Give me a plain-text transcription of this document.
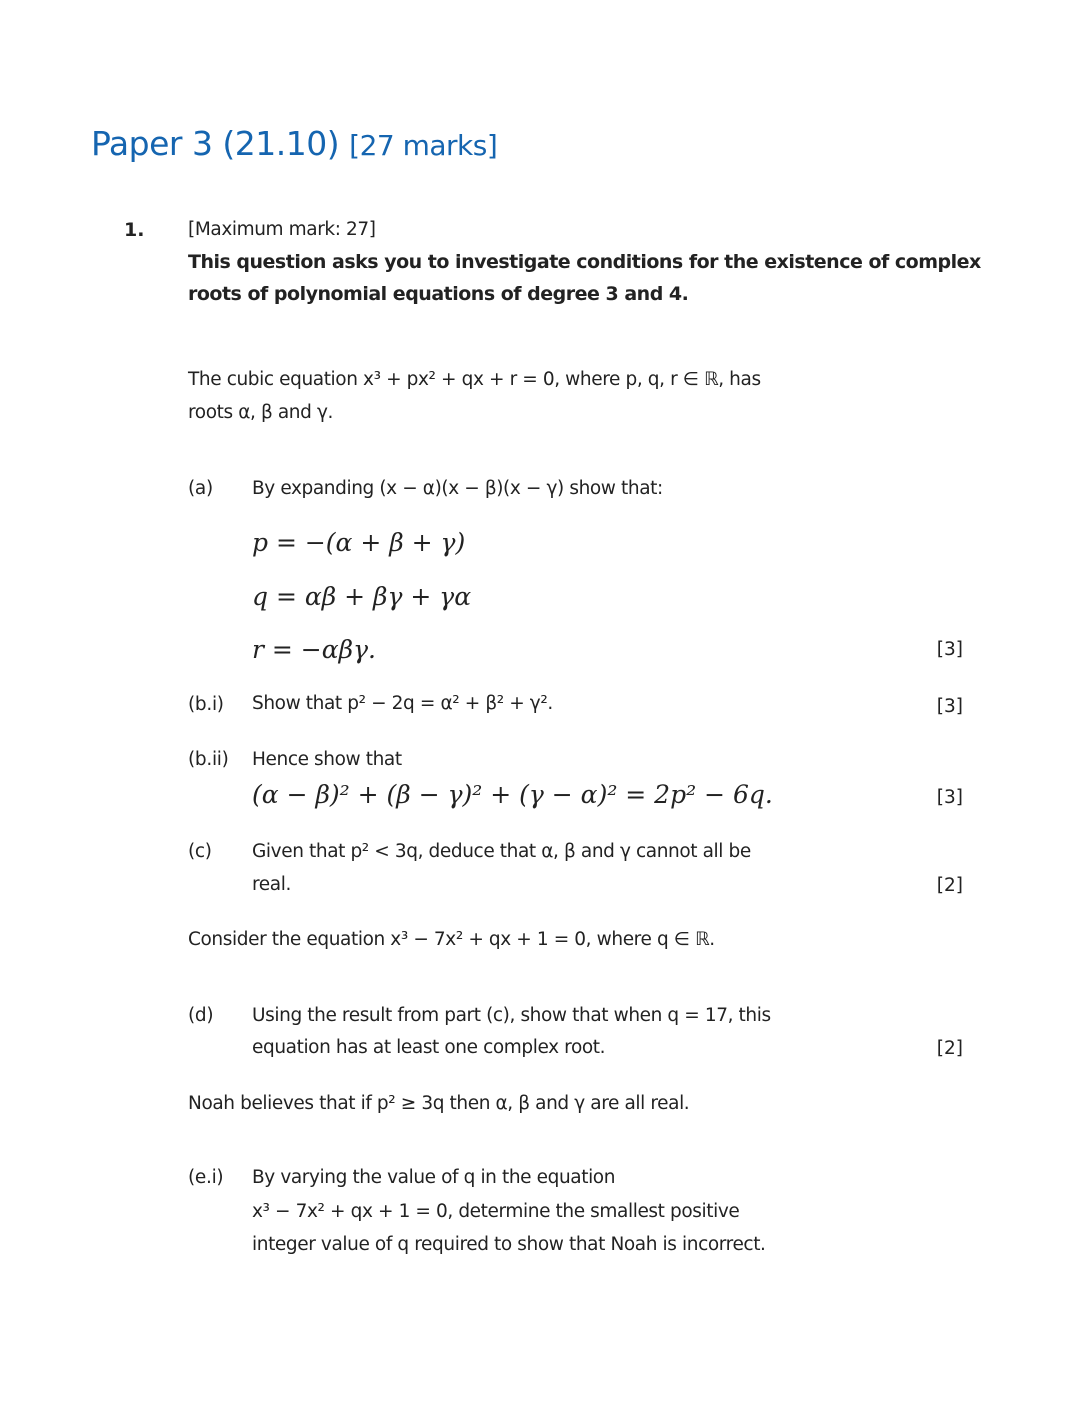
Paper 3 (21.10) [27 marks]
1. [Maximum mark: 27]
This question asks you to investigate conditions for the existence of complex
roots of polynomial equations of degree 3 and 4.
The cubic equation x³ + px² + qx + r = 0, where p, q, r ∈ ℝ, has
roots α, β and γ.
(a) By expanding (x − α)(x − β)(x − γ) show that:
p = −(α + β + γ)
q = αβ + βγ + γα
r = −αβγ.	[3]
(b.i) Show that p² − 2q = α² + β² + γ².	[3]
(b.ii) Hence show that
(α − β)² + (β − γ)² + (γ − α)² = 2p² − 6q.	[3]
(c) Given that p² < 3q, deduce that α, β and γ cannot all be
real.	[2]
Consider the equation x³ − 7x² + qx + 1 = 0, where q ∈ ℝ.
(d) Using the result from part (c), show that when q = 17, this
equation has at least one complex root.	[2]
Noah believes that if p² ≥ 3q then α, β and γ are all real.
(e.i) By varying the value of q in the equation
x³ − 7x² + qx + 1 = 0, determine the smallest positive
integer value of q required to show that Noah is incorrect.
